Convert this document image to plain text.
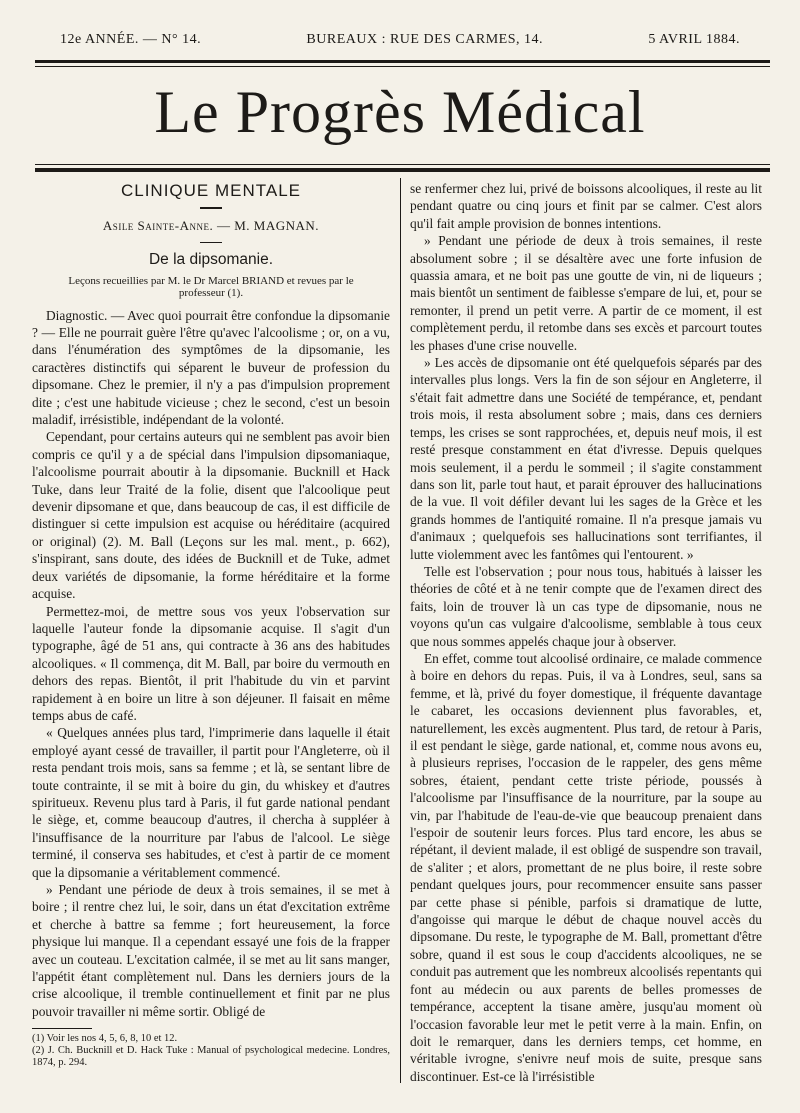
12e ANNÉE. — N° 14.	BUREAUX : RUE DES CARMES, 14.	5 AVRIL 1884.
Le Progrès Médical
CLINIQUE MENTALE
Asile Sainte-Anne. — M. MAGNAN.
De la dipsomanie.
Leçons recueillies par M. le Dr Marcel BRIAND et revues par le professeur (1).

Diagnostic. — Avec quoi pourrait être confondue la dipsomanie ? — Elle ne pourrait guère l'être qu'avec l'alcoolisme ; or, on a vu, dans l'énumération des symptômes de la dipsomanie, les caractères distinctifs qui séparent le buveur de profession du dipsomane. Chez le premier, il n'y a pas d'impulsion proprement dite ; c'est une habitude vicieuse ; chez le second, c'est un besoin maladif, irrésistible, indépendant de la volonté.

Cependant, pour certains auteurs qui ne semblent pas avoir bien compris ce qu'il y a de spécial dans l'impulsion dipsomaniaque, l'alcoolisme pourrait aboutir à la dipsomanie. Bucknill et Hack Tuke, dans leur Traité de la folie, disent que l'alcoolique peut devenir dipsomane et que, dans beaucoup de cas, il est difficile de distinguer si cette impulsion est acquise ou héréditaire (acquired or original) (2). M. Ball (Leçons sur les mal. ment., p. 662), s'inspirant, sans doute, des idées de Bucknill et de Tuke, admet deux variétés de dipsomanie, la forme héréditaire et la forme acquise.

Permettez-moi, de mettre sous vos yeux l'observation sur laquelle l'auteur fonde la dipsomanie acquise. Il s'agit d'un typographe, âgé de 51 ans, qui contracte à 36 ans des habitudes alcooliques. « Il commença, dit M. Ball, par boire du vermouth en dehors des repas. Bientôt, il prit l'habitude du vin et parvint rapidement à en boire un litre à son déjeuner. Il faisait en même temps abus de café.

« Quelques années plus tard, l'imprimerie dans laquelle il était employé ayant cessé de travailler, il partit pour l'Angleterre, où il resta pendant trois mois, sans sa femme ; et là, se sentant libre de toute contrainte, il se mit à boire du gin, du whiskey et d'autres spiritueux. Revenu plus tard à Paris, il fut garde national pendant le siège, et, comme beaucoup d'autres, il chercha à suppléer à l'insuffisance de la nourriture par l'abus de l'alcool. Le siège terminé, il conserva ses habitudes, et c'est à partir de ce moment que la dipsomanie a véritablement commencé.

» Pendant une période de deux à trois semaines, il se met à boire ; il rentre chez lui, le soir, dans un état d'excitation extrême et cherche à battre sa femme ; fort heureusement, la force physique lui manque. Il a cependant essayé une fois de la frapper avec un couteau. L'excitation calmée, il se met au lit sans manger, l'appétit étant complètement nul. Dans les derniers jours de la crise alcoolique, il tremble continuellement et finit par ne plus pouvoir travailler ni même sortir. Obligé de

(1) Voir les nos 4, 5, 6, 8, 10 et 12.

(2) J. Ch. Bucknill et D. Hack Tuke : Manual of psychological medecine. Londres, 1874, p. 294.

se renfermer chez lui, privé de boissons alcooliques, il reste au lit pendant quatre ou cinq jours et finit par se calmer. C'est alors qu'il fait ample provision de bonnes intentions.

» Pendant une période de deux à trois semaines, il reste absolument sobre ; il se désaltère avec une forte infusion de quassia amara, et ne boit pas une goutte de vin, ni de liqueurs ; mais bientôt un sentiment de faiblesse s'empare de lui, et, pour se remonter, il prend un petit verre. A partir de ce moment, il est complètement perdu, il retombe dans ses excès et parcourt toutes les phases d'une crise nouvelle.

» Les accès de dipsomanie ont été quelquefois séparés par des intervalles plus longs. Vers la fin de son séjour en Angleterre, il s'était fait admettre dans une Société de tempérance, et, pendant trois mois, il resta absolument sobre ; mais, dans ces derniers temps, les crises se sont rapprochées, et, depuis neuf mois, il est resté presque constamment en état d'ivresse. Depuis quelques mois seulement, il a perdu le sommeil ; il s'agite constamment dans son lit, parle tout haut, et parait éprouver des hallucinations de la vue. Il voit défiler devant lui les sages de la Grèce et les grands hommes de l'antiquité romaine. Il n'a presque jamais vu d'animaux ; quelquefois ses hallucinations sont terrifiantes, il lutte violemment avec les fantômes qui l'entourent. »

Telle est l'observation ; pour nous tous, habitués à laisser les théories de côté et à ne tenir compte que de l'examen direct des faits, loin de trouver là un cas type de dipsomanie, nous ne voyons qu'un cas vulgaire d'alcoolisme, semblable à tous ceux que nous sommes appelés chaque jour à observer.

En effet, comme tout alcoolisé ordinaire, ce malade commence à boire en dehors du repas. Puis, il va à Londres, seul, sans sa femme, et là, privé du foyer domestique, il fréquente davantage le cabaret, les occasions deviennent plus favorables, et, naturellement, les excès augmentent. Plus tard, de retour à Paris, il est pendant le siège, garde national, et, comme nous avons eu, à plusieurs reprises, l'occasion de le rappeler, des gens même sobres, étaient, pendant cette triste période, poussés à l'alcoolisme par l'insuffisance de la nourriture, par la soupe au vin, par l'habitude de l'eau-de-vie que beaucoup prenaient dans l'espoir de soutenir leurs forces. Plus tard encore, les abus se répétant, il devient malade, il est obligé de suspendre son travail, de s'aliter ; et alors, promettant de ne plus boire, il reste sobre pendant quelques jours, pour recommencer ensuite sans passer par cette phase si pénible, parfois si dramatique de lutte, d'angoisse qui marque le début de chaque nouvel accès du dipsomane. Du reste, le typographe de M. Ball, promettant d'être sobre, quand il est sous le coup d'accidents alcooliques, ne se conduit pas autrement que les nombreux alcoolisés repentants qui font au médecin ou aux parents de belles promesses de tempérance, acceptent la tisane amère, jusqu'au moment où l'occasion favorable leur met le petit verre à la main. Enfin, on doit le remarquer, dans les derniers temps, cet homme, en véritable ivrogne, s'enivre neuf mois de suite, presque sans discontinuer. Est-ce là l'irrésistible
